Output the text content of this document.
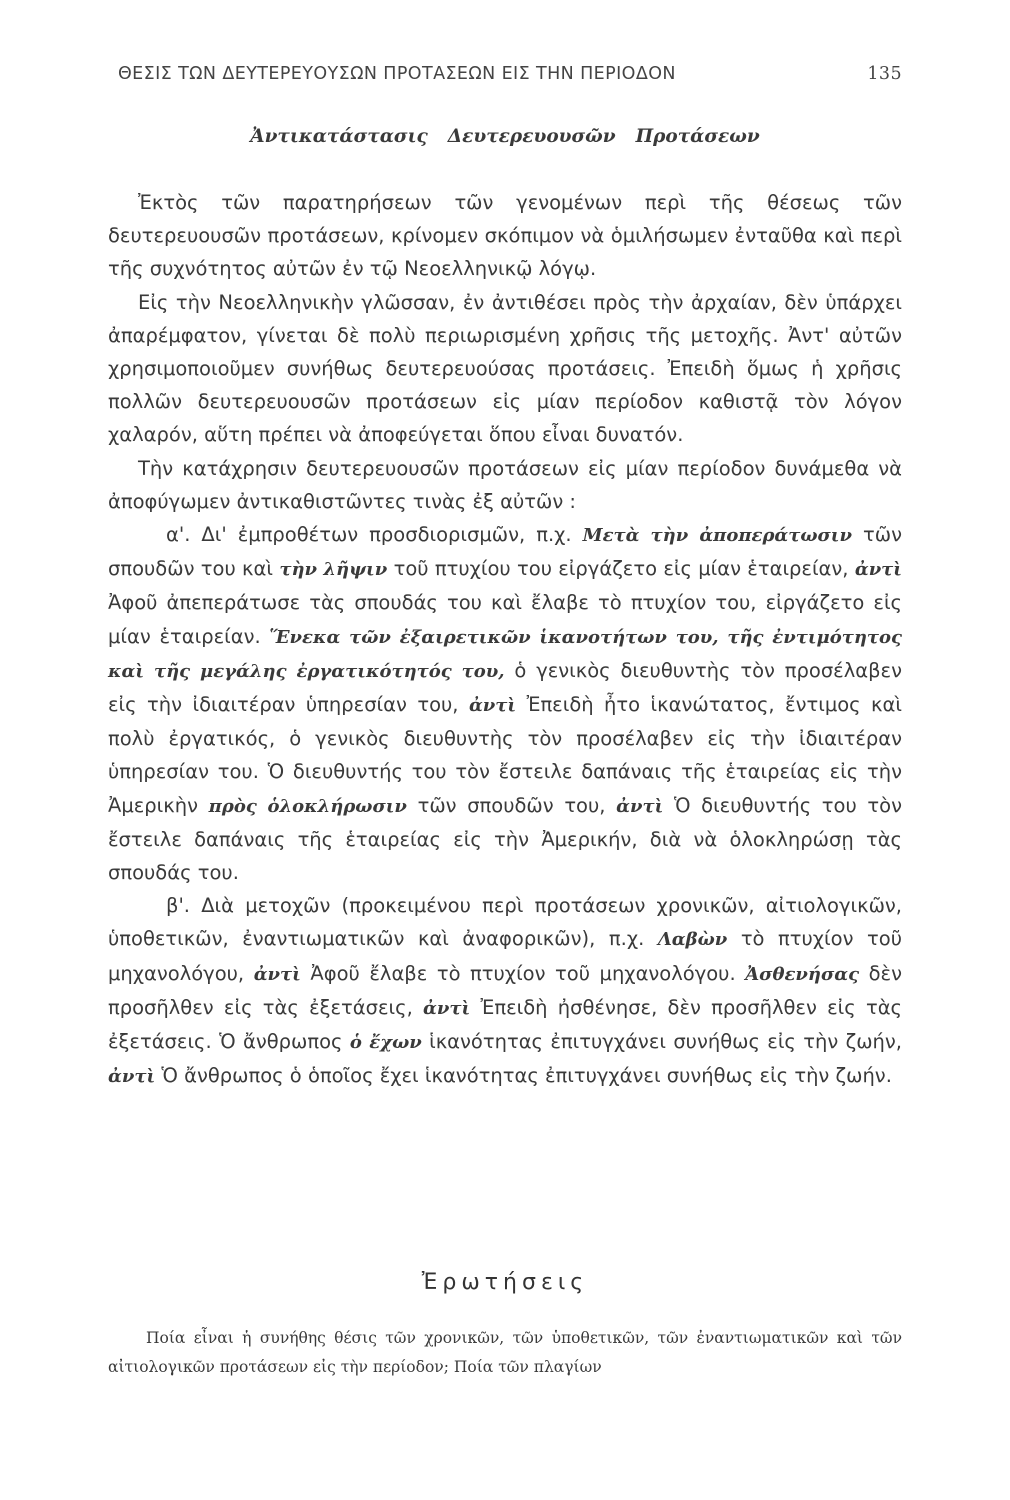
ΘΕΣΙΣ ΤΩΝ ΔΕΥΤΕΡΕΥΟΥΣΩΝ ΠΡΟΤΑΣΕΩΝ ΕΙΣ ΤΗΝ ΠΕΡΙΟΔΟΝ	135
Ἀντικατάστασις Δευτερευουσῶν Προτάσεων

Ἐκτὸς τῶν παρατηρήσεων τῶν γενομένων περὶ τῆς θέσεως τῶν δευτερευουσῶν προτάσεων, κρίνομεν σκόπιμον νὰ ὁμιλήσωμεν ἐνταῦθα καὶ περὶ τῆς συχνότητος αὐτῶν ἐν τῷ Νεοελληνικῷ λόγῳ.

Εἰς τὴν Νεοελληνικὴν γλῶσσαν, ἐν ἀντιθέσει πρὸς τὴν ἀρχαίαν, δὲν ὑπάρχει ἀπαρέμφατον, γίνεται δὲ πολὺ περιωρισμένη χρῆσις τῆς μετοχῆς. Ἀντ' αὐτῶν χρησιμοποιοῦμεν συνήθως δευτερευούσας προτάσεις. Ἐπειδὴ ὅμως ἡ χρῆσις πολλῶν δευτερευουσῶν προτάσεων εἰς μίαν περίοδον καθιστᾷ τὸν λόγον χαλαρόν, αὕτη πρέπει νὰ ἀποφεύγεται ὅπου εἶναι δυνατόν.

Τὴν κατάχρησιν δευτερευουσῶν προτάσεων εἰς μίαν περίοδον δυνάμεθα νὰ ἀποφύγωμεν ἀντικαθιστῶντες τινὰς ἐξ αὐτῶν :

α'. Δι' ἐμπροθέτων προσδιορισμῶν, π.χ. Μετὰ τὴν ἀποπεράτωσιν τῶν σπουδῶν του καὶ τὴν λῆψιν τοῦ πτυχίου του εἰργάζετο εἰς μίαν ἑταιρείαν, ἀντὶ Ἀφοῦ ἀπεπεράτωσε τὰς σπουδάς του καὶ ἔλαβε τὸ πτυχίον του, εἰργάζετο εἰς μίαν ἑταιρείαν. Ἕνεκα τῶν ἐξαιρετικῶν ἱκανοτήτων του, τῆς ἐντιμότητος καὶ τῆς μεγάλης ἐργατικότητός του, ὁ γενικὸς διευθυντὴς τὸν προσέλαβεν εἰς τὴν ἰδιαιτέραν ὑπηρεσίαν του, ἀντὶ Ἐπειδὴ ἦτο ἱκανώτατος, ἔντιμος καὶ πολὺ ἐργατικός, ὁ γενικὸς διευθυντὴς τὸν προσέλαβεν εἰς τὴν ἰδιαιτέραν ὑπηρεσίαν του. Ὁ διευθυντής του τὸν ἔστειλε δαπάναις τῆς ἑταιρείας εἰς τὴν Ἀμερικὴν πρὸς ὁλοκλήρωσιν τῶν σπουδῶν του, ἀντὶ Ὁ διευθυντής του τὸν ἔστειλε δαπάναις τῆς ἑταιρείας εἰς τὴν Ἀμερικήν, διὰ νὰ ὁλοκληρώσῃ τὰς σπουδάς του.

β'. Διὰ μετοχῶν (προκειμένου περὶ προτάσεων χρονικῶν, αἰτιολογικῶν, ὑποθετικῶν, ἐναντιωματικῶν καὶ ἀναφορικῶν), π.χ. Λαβὼν τὸ πτυχίον τοῦ μηχανολόγου, ἀντὶ Ἀφοῦ ἔλαβε τὸ πτυχίον τοῦ μηχανολόγου. Ἀσθενήσας δὲν προσῆλθεν εἰς τὰς ἐξετάσεις, ἀντὶ Ἐπειδὴ ἠσθένησε, δὲν προσῆλθεν εἰς τὰς ἐξετάσεις. Ὁ ἄνθρωπος ὁ ἔχων ἱκανότητας ἐπιτυγχάνει συνήθως εἰς τὴν ζωήν, ἀντὶ Ὁ ἄνθρωπος ὁ ὁποῖος ἔχει ἱκανότητας ἐπιτυγχάνει συνήθως εἰς τὴν ζωήν.

Ἐρωτήσεις

Ποία εἶναι ἡ συνήθης θέσις τῶν χρονικῶν, τῶν ὑποθετικῶν, τῶν ἐναντιωματικῶν καὶ τῶν αἰτιολογικῶν προτάσεων εἰς τὴν περίοδον; Ποία τῶν πλαγίων
